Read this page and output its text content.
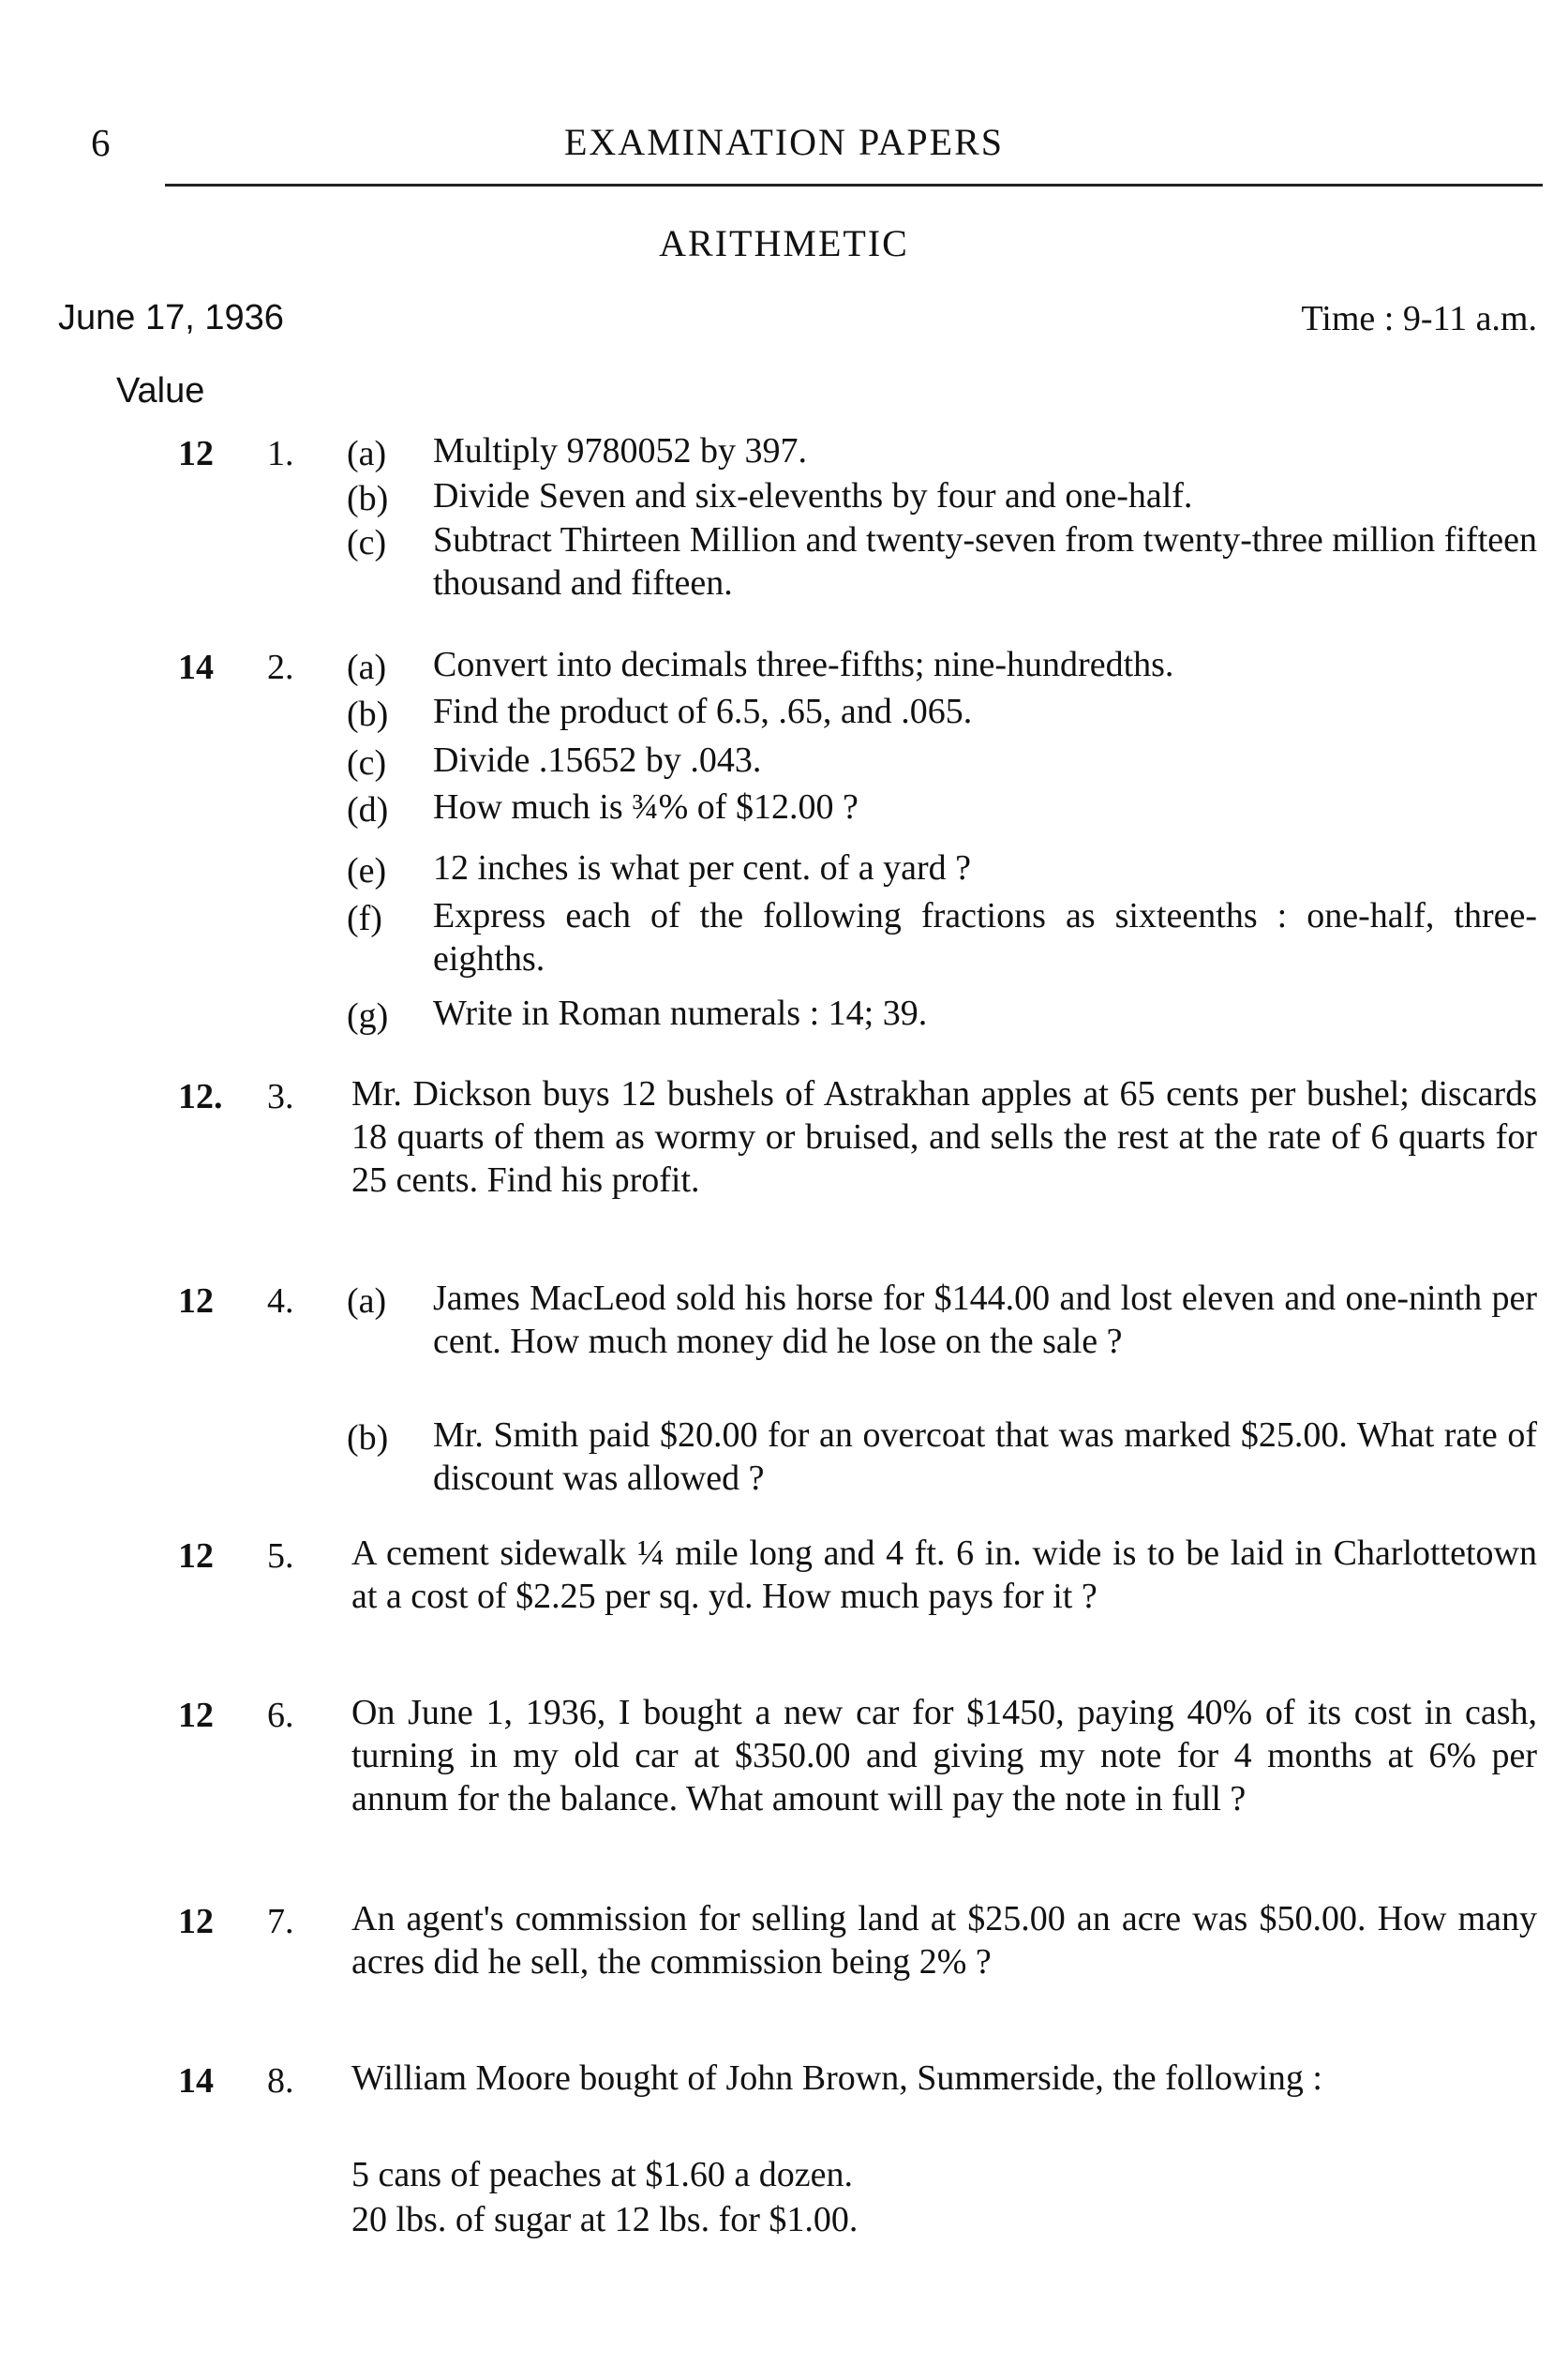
6	EXAMINATION PAPERS
ARITHMETIC
June 17, 1936	Time : 9-11 a.m.
Value
12	1. (a) Multiply 9780052 by 397.
(b) Divide Seven and six-elevenths by four and one-half.
(c) Subtract Thirteen Million and twenty-seven from twenty-three million fifteen thousand and fifteen.
14	2. (a) Convert into decimals three-fifths; nine-hundredths.
(b) Find the product of 6.5, .65, and .065.
(c) Divide .15652 by .043.
(d) How much is ¾% of $12.00 ?
(e) 12 inches is what per cent. of a yard ?
(f) Express each of the following fractions as sixteenths : one-half, three-eighths.
(g) Write in Roman numerals : 14; 39.
12. 3. Mr. Dickson buys 12 bushels of Astrakhan apples at 65 cents per bushel; discards 18 quarts of them as wormy or bruised, and sells the rest at the rate of 6 quarts for 25 cents. Find his profit.
12	4. (a) James MacLeod sold his horse for $144.00 and lost eleven and one-ninth per cent. How much money did he lose on the sale ?
(b) Mr. Smith paid $20.00 for an overcoat that was marked $25.00. What rate of discount was allowed ?
12	5. A cement sidewalk ¼ mile long and 4 ft. 6 in. wide is to be laid in Charlottetown at a cost of $2.25 per sq. yd. How much pays for it ?
12	6. On June 1, 1936, I bought a new car for $1450, paying 40% of its cost in cash, turning in my old car at $350.00 and giving my note for 4 months at 6% per annum for the balance. What amount will pay the note in full ?
12	7. An agent's commission for selling land at $25.00 an acre was $50.00. How many acres did he sell, the commission being 2% ?
14	8. William Moore bought of John Brown, Summerside, the following :
5 cans of peaches at $1.60 a dozen.
20 lbs. of sugar at 12 lbs. for $1.00.
